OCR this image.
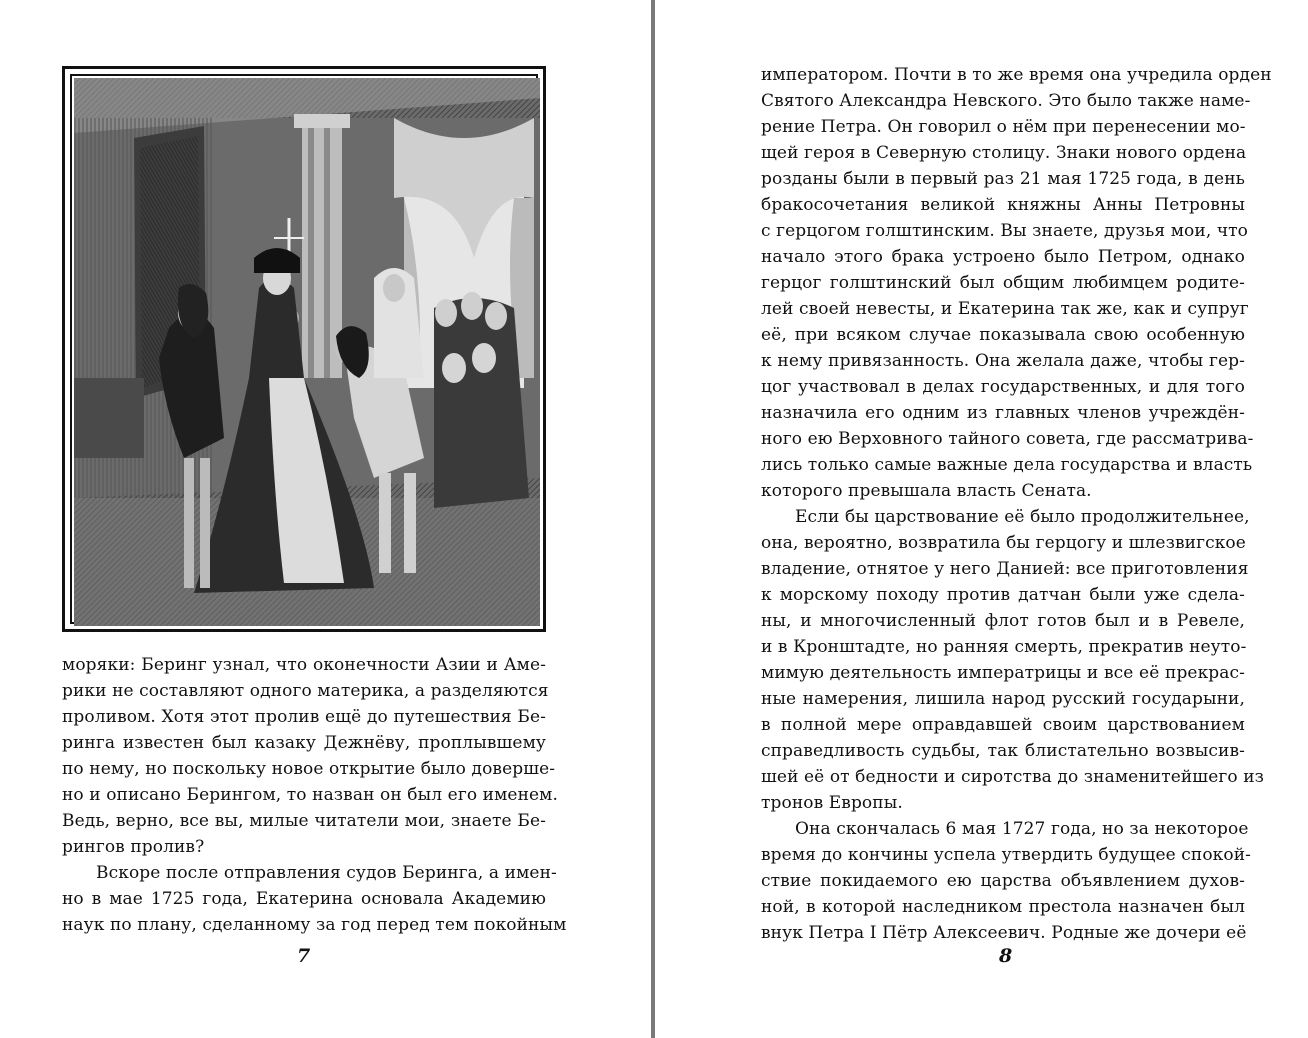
моряки: Беринг узнал, что оконечности Азии и Аме-
рики не составляют одного материка, а разделяются
проливом. Хотя этот пролив ещё до путешествия Бе-
ринга известен был казаку Дежнёву, проплывшему
по нему, но поскольку новое открытие было доверше-
но и описано Берингом, то назван он был его именем.
Ведь, верно, все вы, милые читатели мои, знаете Бе-
рингов пролив?
Вскоре после отправления судов Беринга, а имен-
но в мае 1725 года, Екатерина основала Академию
наук по плану, сделанному за год перед тем покойным
7
императором. Почти в то же время она учредила орден
Святого Александра Невского. Это было также наме-
рение Петра. Он говорил о нём при перенесении мо-
щей героя в Северную столицу. Знаки нового ордена
розданы были в первый раз 21 мая 1725 года, в день
бракосочетания великой княжны Анны Петровны
с герцогом голштинским. Вы знаете, друзья мои, что
начало этого брака устроено было Петром, однако
герцог голштинский был общим любимцем родите-
лей своей невесты, и Екатерина так же, как и супруг
её, при всяком случае показывала свою особенную
к нему привязанность. Она желала даже, чтобы гер-
цог участвовал в делах государственных, и для того
назначила его одним из главных членов учреждён-
ного ею Верховного тайного совета, где рассматрива-
лись только самые важные дела государства и власть
которого превышала власть Сената.
Если бы царствование её было продолжительнее,
она, вероятно, возвратила бы герцогу и шлезвигское
владение, отнятое у него Данией: все приготовления
к морскому походу против датчан были уже сделa-
ны, и многочисленный флот готов был и в Ревеле,
и в Кронштадте, но ранняя смерть, прекратив неуто-
мимую деятельность императрицы и все её прекрас-
ные намерения, лишила народ русский государыни,
в полной мере оправдавшей своим царствованием
справедливость судьбы, так блистательно возвысив-
шей её от бедности и сиротства до знаменитейшего из
тронов Европы.
Она скончалась 6 мая 1727 года, но за некоторое
время до кончины успела утвердить будущее спокой-
ствие покидаемого ею царства объявлением духов-
ной, в которой наследником престола назначен был
внук Петра I Пётр Алексеевич. Родные же дочери её
8
